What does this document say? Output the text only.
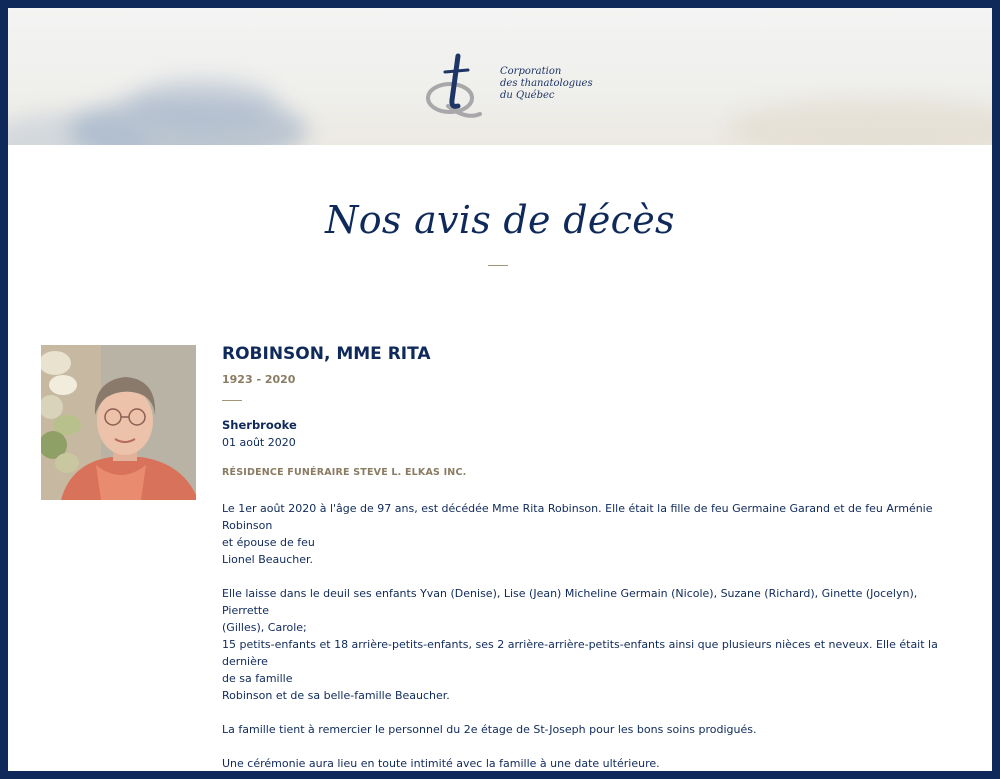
Corporation
des thanatologues
du Québec
Nos avis de décès
ROBINSON, MME RITA
1923 - 2020
Sherbrooke
01 août 2020
RÉSIDENCE FUNÉRAIRE STEVE L. ELKAS INC.

Le 1er août 2020 à l'âge de 97 ans, est décédée Mme Rita Robinson. Elle était la fille de feu Germaine Garand et de feu Arménie Robinson
et épouse de feu
Lionel Beaucher.

Elle laisse dans le deuil ses enfants Yvan (Denise), Lise (Jean) Micheline Germain (Nicole), Suzane (Richard), Ginette (Jocelyn), Pierrette
(Gilles), Carole;
15 petits-enfants et 18 arrière-petits-enfants, ses 2 arrière-arrière-petits-enfants ainsi que plusieurs nièces et neveux. Elle était la dernière
de sa famille
Robinson et de sa belle-famille Beaucher.

La famille tient à remercier le personnel du 2e étage de St-Joseph pour les bons soins prodigués.

Une cérémonie aura lieu en toute intimité avec la famille à une date ultérieure.
